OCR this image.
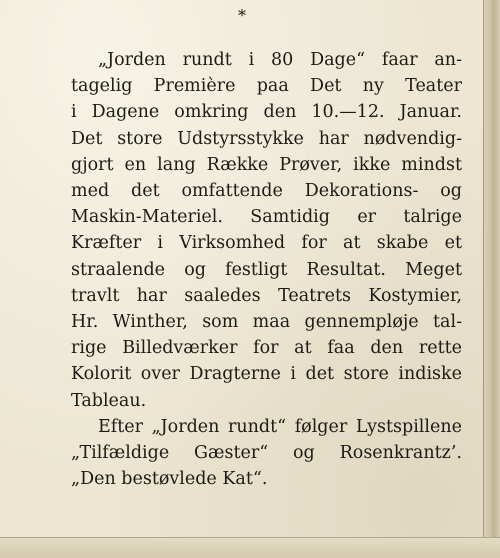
*

„Jorden rundt i 80 Dage“ faar an-
tagelig Première paa Det ny Teater
i Dagene omkring den 10.—12. Januar.
Det store Udstyrsstykke har nødvendig-
gjort en lang Række Prøver, ikke mindst
med det omfattende Dekorations- og
Maskin-Materiel. Samtidig er talrige
Kræfter i Virksomhed for at skabe et
straalende og festligt Resultat. Meget
travlt har saaledes Teatrets Kostymier,
Hr. Winther, som maa gennempløje tal-
rige Billedværker for at faa den rette
Kolorit over Dragterne i det store indiske
Tableau.

Efter „Jorden rundt“ følger Lystspillene
„Tilfældige Gæster“ og Rosenkrantz’.
„Den bestøvlede Kat“.
